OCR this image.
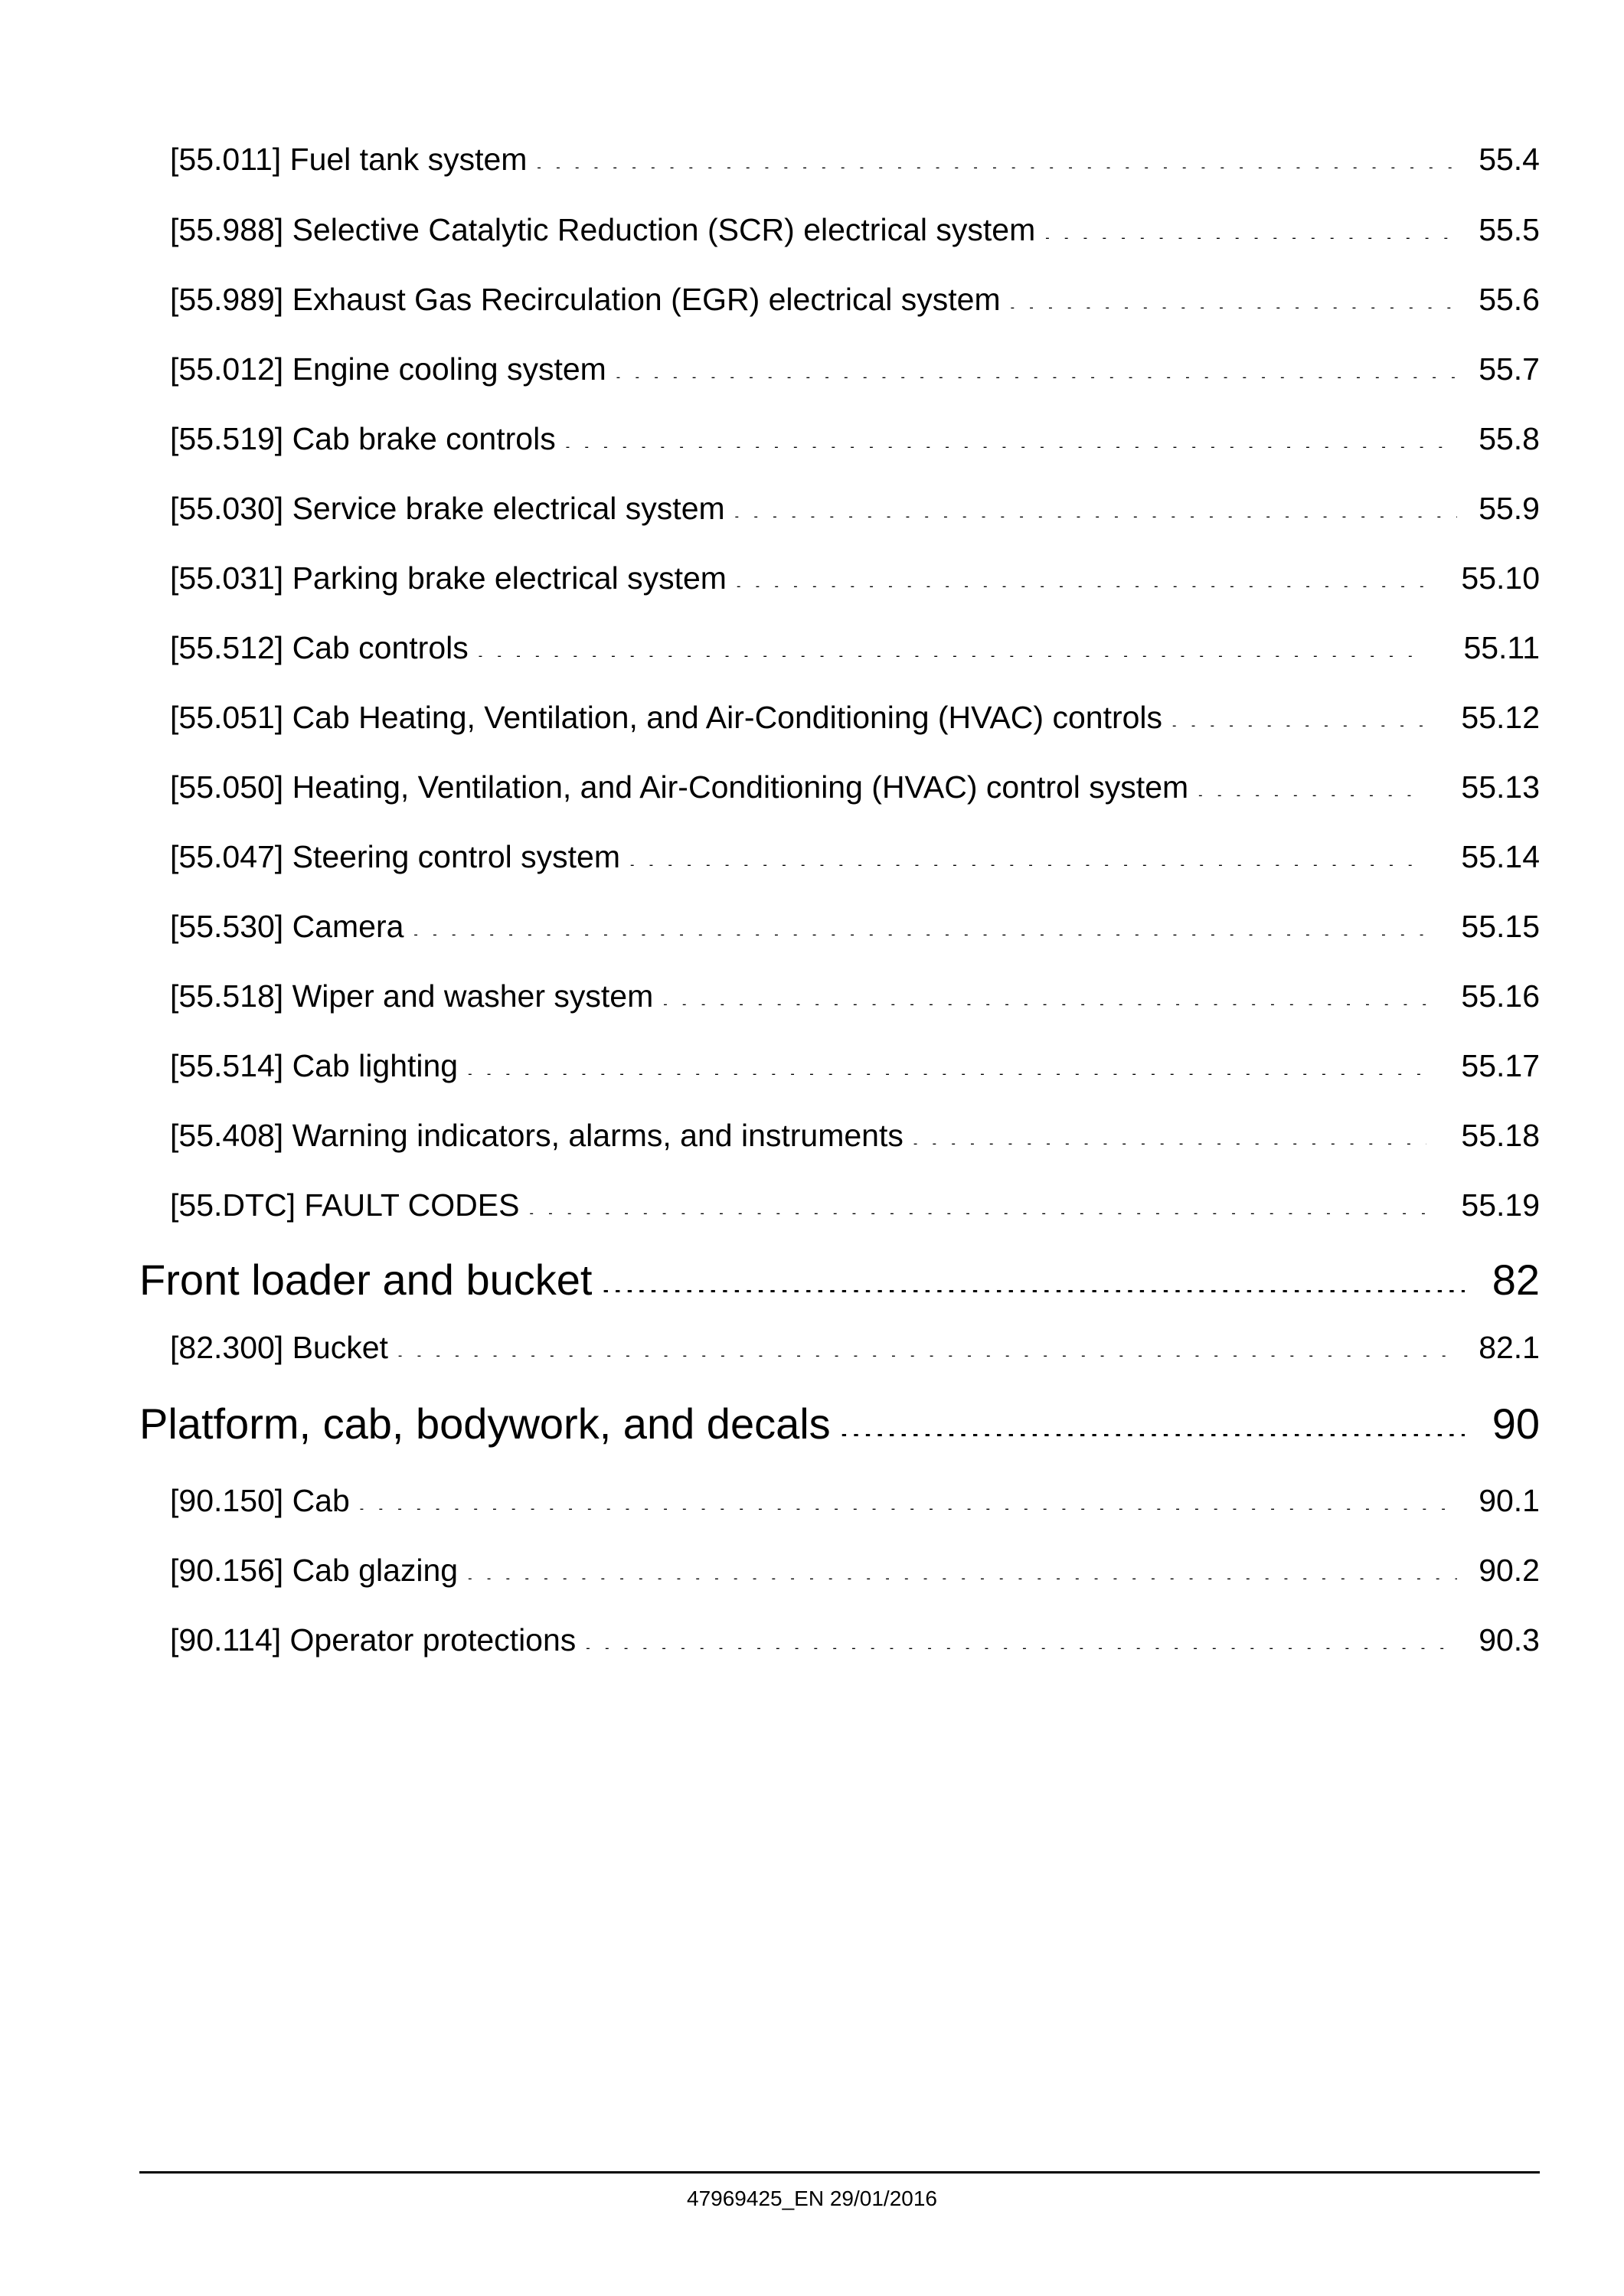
[55.011] Fuel tank system . . .	55.4
[55.988] Selective Catalytic Reduction (SCR) electrical system . . .	55.5
[55.989] Exhaust Gas Recirculation (EGR) electrical system . . .	55.6
[55.012] Engine cooling system . . .	55.7
[55.519] Cab brake controls . . .	55.8
[55.030] Service brake electrical system . . .	55.9
[55.031] Parking brake electrical system . . .	55.10
[55.512] Cab controls . . .	55.11
[55.051] Cab Heating, Ventilation, and Air-Conditioning (HVAC) controls . . .	55.12
[55.050] Heating, Ventilation, and Air-Conditioning (HVAC) control system . . .	55.13
[55.047] Steering control system . . .	55.14
[55.530] Camera . . .	55.15
[55.518] Wiper and washer system . . .	55.16
[55.514] Cab lighting . . .	55.17
[55.408] Warning indicators, alarms, and instruments . . .	55.18
[55.DTC] FAULT CODES . . .	55.19
Front loader and bucket .....	82
[82.300] Bucket . . .	82.1
Platform, cab, bodywork, and decals .....	90
[90.150] Cab . . .	90.1
[90.156] Cab glazing . . .	90.2
[90.114] Operator protections . . .	90.3
47969425_EN 29/01/2016
